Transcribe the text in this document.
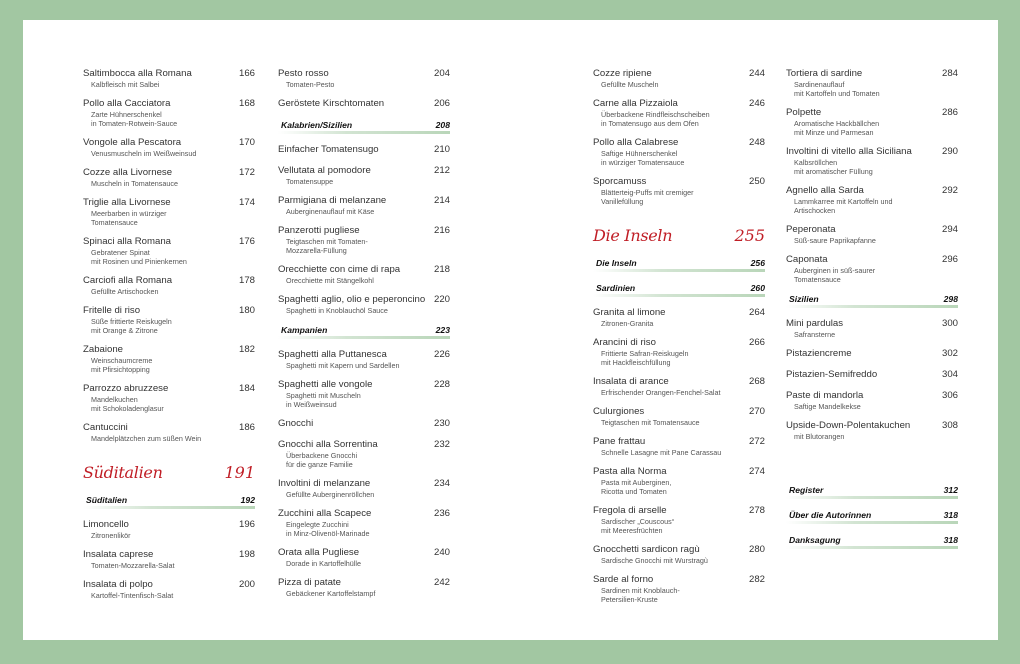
Saltimbocca alla Romana	166
Kalbfleisch mit Salbei
Pollo alla Cacciatora	168
Zarte Hühnerschenkel
in Tomaten-Rotwein-Sauce
Vongole alla Pescatora	170
Venusmuscheln im Weißweinsud
Cozze alla Livornese	172
Muscheln in Tomatensauce
Triglie alla Livornese	174
Meerbarben in würziger
Tomatensauce
Spinaci alla Romana	176
Gebratener Spinat
mit Rosinen und Pinienkernen
Carciofi alla Romana	178
Gefüllte Artischocken
Fritelle di riso	180
Süße frittierte Reiskugeln
mit Orange & Zitrone
Zabaione	182
Weinschaumcreme
mit Pfirsichtopping
Parrozzo abruzzese	184
Mandelkuchen
mit Schokoladenglasur
Cantuccini	186
Mandelplätzchen zum süßen Wein
Süditalien	191
Süditalien	192
Limoncello	196
Zitronenlikör
Insalata caprese	198
Tomaten-Mozzarella-Salat
Insalata di polpo	200
Kartoffel-Tintenfisch-Salat
Pesto rosso	204
Tomaten-Pesto
Geröstete Kirschtomaten	206
Kalabrien/Sizilien	208
Einfacher Tomatensugo	210
Vellutata al pomodore	212
Tomatensuppe
Parmigiana di melanzane	214
Auberginenauflauf mit Käse
Panzerotti pugliese	216
Teigtaschen mit Tomaten-
Mozzarella-Füllung
Orecchiette con cime di rapa	218
Orecchiette mit Stängelkohl
Spaghetti aglio, olio e peperoncino 220
Spaghetti in Knoblauchöl Sauce
Kampanien	223
Spaghetti alla Puttanesca	226
Spaghetti mit Kapern und Sardellen
Spaghetti alle vongole	228
Spaghetti mit Muscheln
in Weißweinsud
Gnocchi	230
Gnocchi alla Sorrentina	232
Überbackene Gnocchi
für die ganze Familie
Involtini di melanzane	234
Gefüllte Auberginenröllchen
Zucchini alla Scapece	236
Eingelegte Zucchini
in Minz-Olivenöl-Marinade
Orata alla Pugliese	240
Dorade in Kartoffelhülle
Pizza di patate	242
Gebäckener Kartoffelstampf
Cozze ripiene	244
Gefüllte Muscheln
Carne alla Pizzaiola	246
Überbackene Rindfleischscheiben
in Tomatensugo aus dem Ofen
Pollo alla Calabrese	248
Saftige Hühnerschenkel
in würziger Tomatensauce
Sporcamuss	250
Blätterteig-Puffs mit cremiger
Vanillefüllung
Die Inseln	255
Die Inseln	256
Sardinien	260
Granita al limone	264
Zitronen-Granita
Arancini di riso	266
Frittierte Safran-Reiskugeln
mit Hackfleischfüllung
Insalata di arance	268
Erfrischender Orangen-Fenchel-Salat
Culurgiones	270
Teigtaschen mit Tomatensauce
Pane frattau	272
Schnelle Lasagne mit Pane Carassau
Pasta alla Norma	274
Pasta mit Auberginen,
Ricotta und Tomaten
Fregola di arselle	278
Sardischer „Couscous“
mit Meeresfrüchten
Gnocchetti sardicon ragù	280
Sardische Gnocchi mit Wurstragù
Sarde al forno	282
Sardinen mit Knoblauch-
Petersilien-Kruste
Tortiera di sardine	284
Sardinenauflauf
mit Kartoffeln und Tomaten
Polpette	286
Aromatische Hackbällchen
mit Minze und Parmesan
Involtini di vitello alla Siciliana	290
Kalbsröllchen
mit aromatischer Füllung
Agnello alla Sarda	292
Lammkarree mit Kartoffeln und
Artischocken
Peperonata	294
Süß-saure Paprikapfanne
Caponata	296
Auberginen in süß-saurer
Tomatensauce
Sizilien	298
Mini pardulas	300
Safransterne
Pistazienсreme	302
Pistazien-Semifreddo	304
Paste di mandorla	306
Saftige Mandelkekse
Upside-Down-Polentakuchen	308
mit Blutorangen
Register	312
Über die Autorinnen	318
Danksagung	318
